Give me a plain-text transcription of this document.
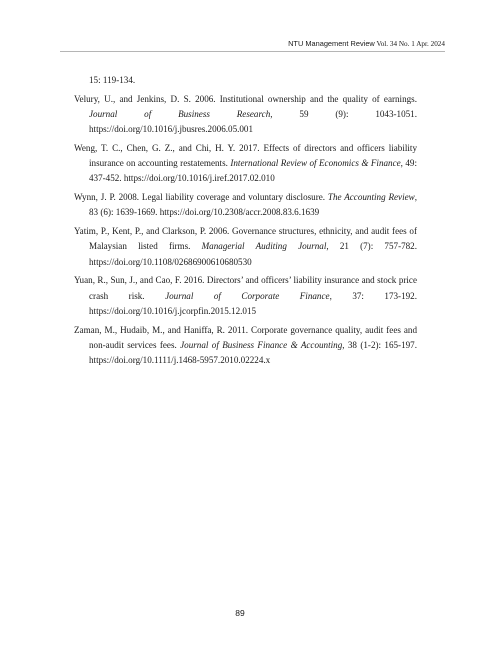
NTU Management Review Vol. 34 No. 1 Apr. 2024
15: 119-134.
Velury, U., and Jenkins, D. S. 2006. Institutional ownership and the quality of earnings. Journal of Business Research, 59 (9): 1043-1051. https://doi.org/10.1016/j.jbusres.2006.05.001
Weng, T. C., Chen, G. Z., and Chi, H. Y. 2017. Effects of directors and officers liability insurance on accounting restatements. International Review of Economics & Finance, 49: 437-452. https://doi.org/10.1016/j.iref.2017.02.010
Wynn, J. P. 2008. Legal liability coverage and voluntary disclosure. The Accounting Review, 83 (6): 1639-1669. https://doi.org/10.2308/accr.2008.83.6.1639
Yatim, P., Kent, P., and Clarkson, P. 2006. Governance structures, ethnicity, and audit fees of Malaysian listed firms. Managerial Auditing Journal, 21 (7): 757-782. https://doi.org/10.1108/02686900610680530
Yuan, R., Sun, J., and Cao, F. 2016. Directors’ and officers’ liability insurance and stock price crash risk. Journal of Corporate Finance, 37: 173-192. https://doi.org/10.1016/j.jcorpfin.2015.12.015
Zaman, M., Hudaib, M., and Haniffa, R. 2011. Corporate governance quality, audit fees and non-audit services fees. Journal of Business Finance & Accounting, 38 (1-2): 165-197. https://doi.org/10.1111/j.1468-5957.2010.02224.x
89
